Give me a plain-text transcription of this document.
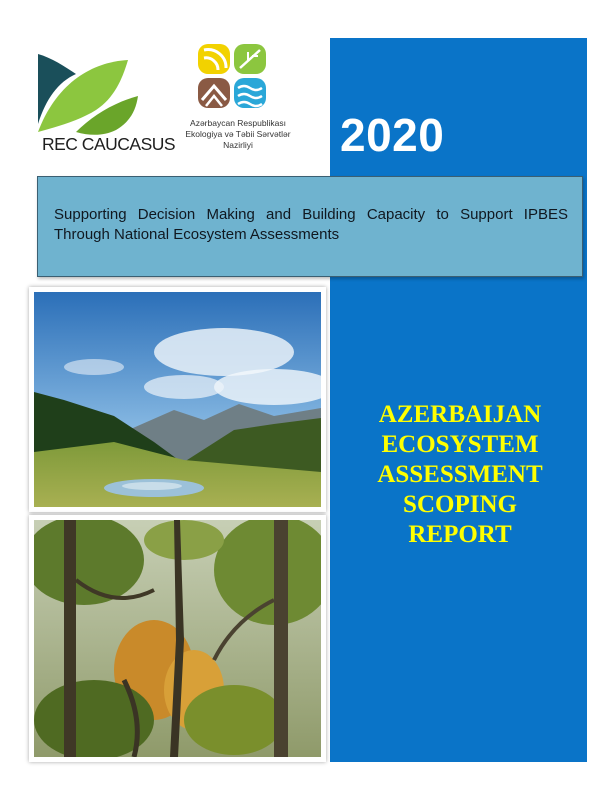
REC CAUCASUS
Azərbaycan Respublikası
Ekologiya və Təbii Sərvətlər
Nazirliyi	2020
Supporting Decision Making and Building Capacity to Support IPBES Through National Ecosystem Assessments
AZERBAIJAN
ECOSYSTEM
ASSESSMENT
SCOPING
REPORT
